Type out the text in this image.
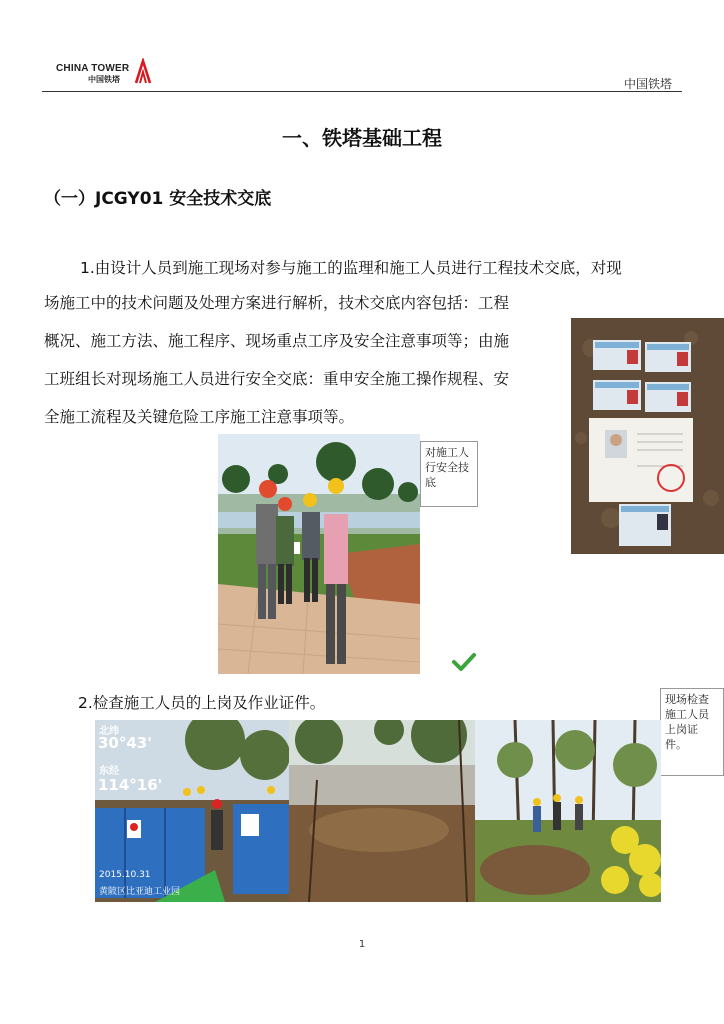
CHINA TOWER
中国铁塔	中国铁塔
一、铁塔基础工程
（一）JCGY01 安全技术交底
1.由设计人员到施工现场对参与施工的监理和施工人员进行工程技术交底，对现
场施工中的技术问题及处理方案进行解析，技术交底内容包括：工程
概况、施工方法、施工程序、现场重点工序及安全注意事项等；由施
工班组长对现场施工人员进行安全交底：重申安全施工操作规程、安
全施工流程及关键危险工序施工注意事项等。
对施工人
行安全技
底
2.检查施工人员的上岗及作业证件。	现场检查
施工人员
上岗证件。
北纬
30°43'
东经
114°16'
2015.10.31
黄陂区比亚迪工业园
1
